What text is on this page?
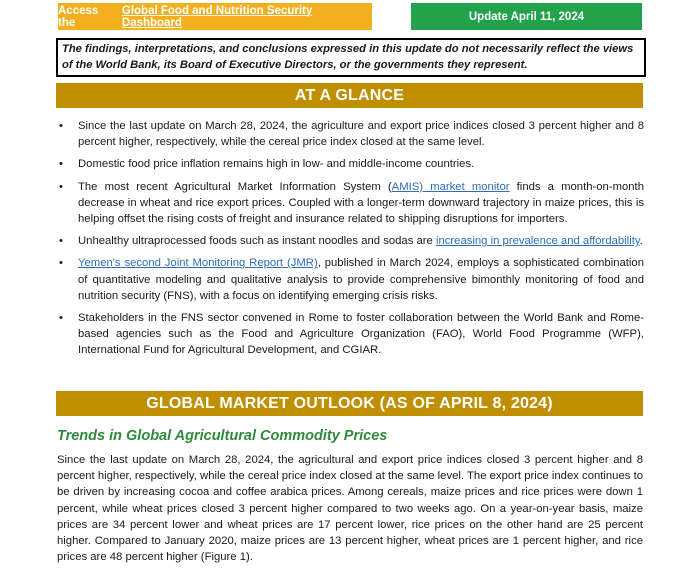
Access the
Global Food and Nutrition Security Dashboard	Update April 11, 2024
The findings, interpretations, and conclusions expressed in this update do not necessarily reflect the views of the World Bank, its Board of Executive Directors, or the governments they represent.
AT A GLANCE
• Since the last update on March 28, 2024, the agriculture and export price indices closed 3 percent higher and 8 percent higher, respectively, while the cereal price index closed at the same level.
• Domestic food price inflation remains high in low- and middle-income countries.
• The most recent Agricultural Market Information System (AMIS) market monitor finds a month-on-month decrease in wheat and rice export prices. Coupled with a longer-term downward trajectory in maize prices, this is helping offset the rising costs of freight and insurance related to shipping disruptions for importers.
• Unhealthy ultraprocessed foods such as instant noodles and sodas are increasing in prevalence and affordability.
• Yemen's second Joint Monitoring Report (JMR), published in March 2024, employs a sophisticated combination of quantitative modeling and qualitative analysis to provide comprehensive bimonthly monitoring of food and nutrition security (FNS), with a focus on identifying emerging crisis risks.
• Stakeholders in the FNS sector convened in Rome to foster collaboration between the World Bank and Rome-based agencies such as the Food and Agriculture Organization (FAO), World Food Programme (WFP), International Fund for Agricultural Development, and CGIAR.
GLOBAL MARKET OUTLOOK (AS OF APRIL 8, 2024)
Trends in Global Agricultural Commodity Prices

Since the last update on March 28, 2024, the agricultural and export price indices closed 3 percent higher and 8 percent higher, respectively, while the cereal price index closed at the same level. The export price index continues to be driven by increasing cocoa and coffee arabica prices. Among cereals, maize prices and rice prices were down 1 percent, while wheat prices closed 3 percent higher compared to two weeks ago. On a year-on-year basis, maize prices are 34 percent lower and wheat prices are 17 percent lower, rice prices on the other hand are 25 percent higher. Compared to January 2020, maize prices are 13 percent higher, wheat prices are 1 percent higher, and rice prices are 48 percent higher (Figure 1).
